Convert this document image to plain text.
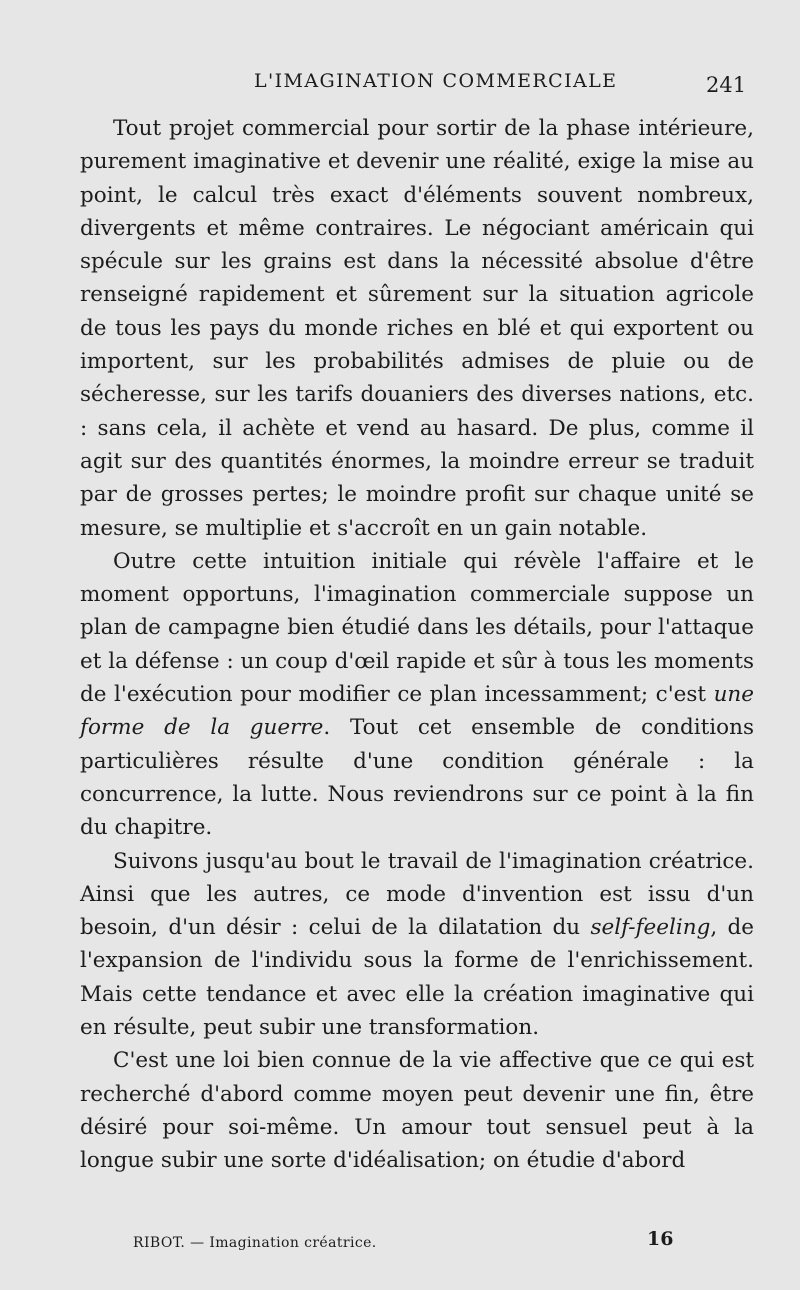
L'IMAGINATION COMMERCIALE	241

Tout projet commercial pour sortir de la phase intérieure, purement imaginative et devenir une réalité, exige la mise au point, le calcul très exact d'éléments souvent nombreux, divergents et même contraires. Le négociant américain qui spécule sur les grains est dans la nécessité absolue d'être renseigné rapidement et sûrement sur la situation agricole de tous les pays du monde riches en blé et qui exportent ou importent, sur les probabilités admises de pluie ou de sécheresse, sur les tarifs douaniers des diverses nations, etc. : sans cela, il achète et vend au hasard. De plus, comme il agit sur des quantités énormes, la moindre erreur se traduit par de grosses pertes; le moindre profit sur chaque unité se mesure, se multiplie et s'accroît en un gain notable.

Outre cette intuition initiale qui révèle l'affaire et le moment opportuns, l'imagination commerciale suppose un plan de campagne bien étudié dans les détails, pour l'attaque et la défense : un coup d'œil rapide et sûr à tous les moments de l'exécution pour modifier ce plan incessamment; c'est une forme de la guerre. Tout cet ensemble de conditions particulières résulte d'une condition générale : la concurrence, la lutte. Nous reviendrons sur ce point à la fin du chapitre.

Suivons jusqu'au bout le travail de l'imagination créatrice. Ainsi que les autres, ce mode d'invention est issu d'un besoin, d'un désir : celui de la dilatation du self-feeling, de l'expansion de l'individu sous la forme de l'enrichissement. Mais cette tendance et avec elle la création imaginative qui en résulte, peut subir une transformation.

C'est une loi bien connue de la vie affective que ce qui est recherché d'abord comme moyen peut devenir une fin, être désiré pour soi-même. Un amour tout sensuel peut à la longue subir une sorte d'idéalisation; on étudie d'abord

RIBOT. — Imagination créatrice.	16
